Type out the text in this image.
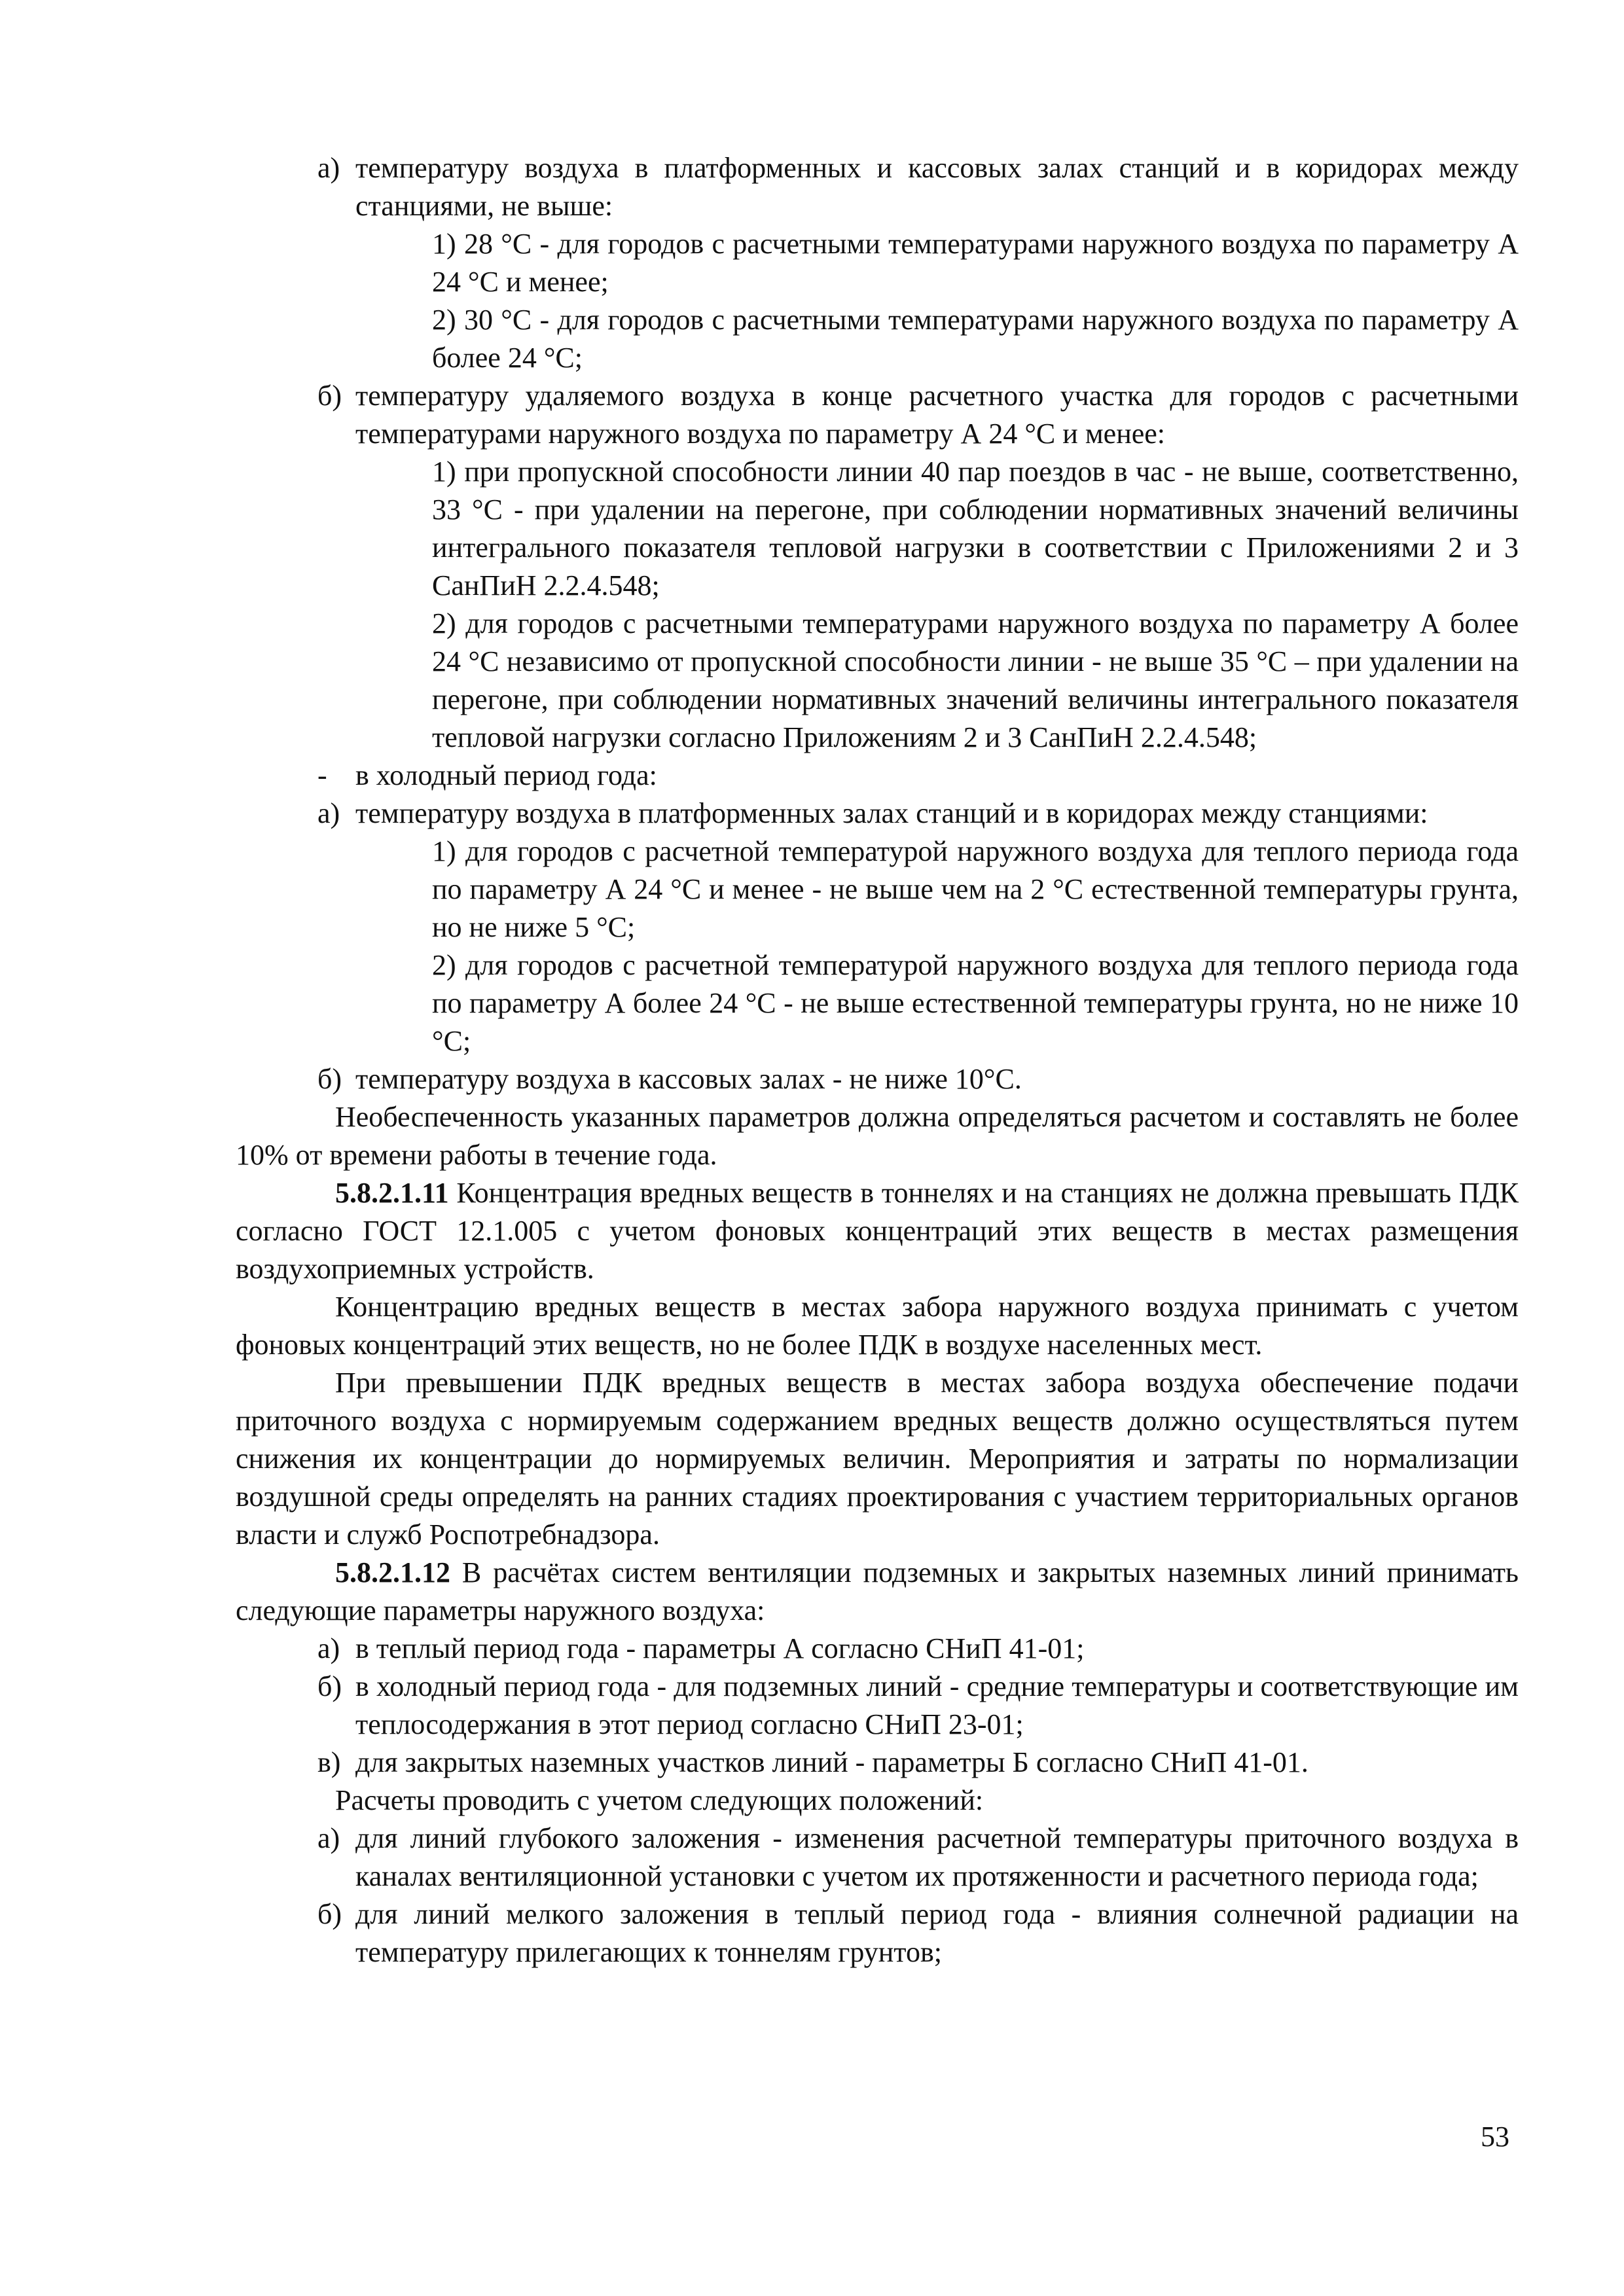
а) температуру воздуха в платформенных и кассовых залах станций и в коридорах между станциями, не выше:
1) 28 °С - для городов с расчетными температурами наружного воздуха по параметру А 24 °С и менее;
2) 30 °С - для городов с расчетными температурами наружного воздуха по параметру А более 24 °С;
б) температуру удаляемого воздуха в конце расчетного участка для городов с расчетными температурами наружного воздуха по параметру А 24 °С и менее:
1) при пропускной способности линии 40 пар поездов в час - не выше, соответственно, 33 °С - при удалении на перегоне, при соблюдении нормативных значений величины интегрального показателя тепловой нагрузки в соответствии с Приложениями 2 и 3 СанПиН 2.2.4.548;
2) для городов с расчетными температурами наружного воздуха по параметру А более 24 °С независимо от пропускной способности линии - не выше 35 °С – при удалении на перегоне, при соблюдении нормативных значений величины интегрального показателя тепловой нагрузки согласно Приложениям 2 и 3 СанПиН 2.2.4.548;
- в холодный период года:
а) температуру воздуха в платформенных залах станций и в коридорах между станциями:
1) для городов с расчетной температурой наружного воздуха для теплого периода года по параметру А 24 °С и менее - не выше чем на 2 °С естественной температуры грунта, но не ниже 5 °С;
2) для городов с расчетной температурой наружного воздуха для теплого периода года по параметру А более 24 °С - не выше естественной температуры грунта, но не ниже 10 °С;
б) температуру воздуха в кассовых залах - не ниже 10°С.
Необеспеченность указанных параметров должна определяться расчетом и составлять не более 10% от времени работы в течение года.
5.8.2.1.11 Концентрация вредных веществ в тоннелях и на станциях не должна превышать ПДК согласно ГОСТ 12.1.005 с учетом фоновых концентраций этих веществ в местах размещения воздухоприемных устройств.
Концентрацию вредных веществ в местах забора наружного воздуха принимать с учетом фоновых концентраций этих веществ, но не более ПДК в воздухе населенных мест.
При превышении ПДК вредных веществ в местах забора воздуха обеспечение подачи приточного воздуха с нормируемым содержанием вредных веществ должно осуществляться путем снижения их концентрации до нормируемых величин. Мероприятия и затраты по нормализации воздушной среды определять на ранних стадиях проектирования с участием территориальных органов власти и служб Роспотребнадзора.
5.8.2.1.12 В расчётах систем вентиляции подземных и закрытых наземных линий принимать следующие параметры наружного воздуха:
а) в теплый период года - параметры А согласно СНиП 41-01;
б) в холодный период года - для подземных линий - средние температуры и соответствующие им теплосодержания в этот период согласно СНиП 23-01;
в) для закрытых наземных участков линий - параметры Б согласно СНиП 41-01.
Расчеты проводить с учетом следующих положений:
а) для линий глубокого заложения - изменения расчетной температуры приточного воздуха в каналах вентиляционной установки с учетом их протяженности и расчетного периода года;
б) для линий мелкого заложения в теплый период года - влияния солнечной радиации на температуру прилегающих к тоннелям грунтов;
53
